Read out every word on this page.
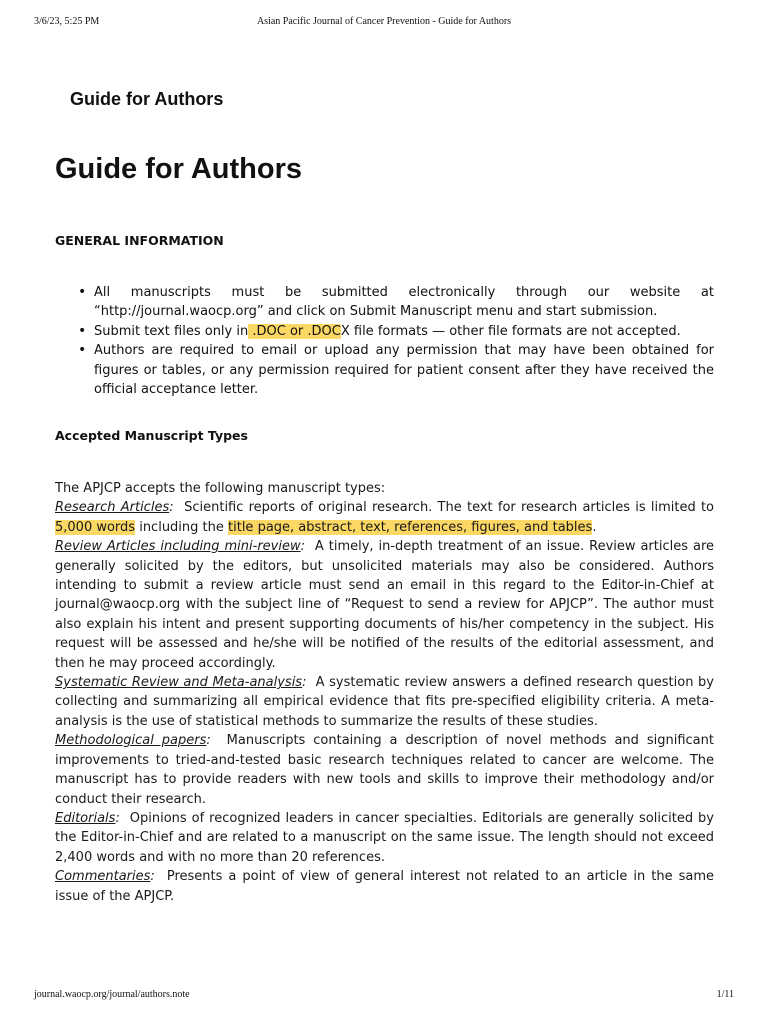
3/6/23, 5:25 PM	Asian Pacific Journal of Cancer Prevention - Guide for Authors
Guide for Authors
Guide for Authors
GENERAL INFORMATION
• All manuscripts must be submitted electronically through our website at “http://journal.waocp.org” and click on Submit Manuscript menu and start submission.
• Submit text files only in .DOC or .DOCX file formats — other file formats are not accepted.
• Authors are required to email or upload any permission that may have been obtained for figures or tables, or any permission required for patient consent after they have received the official acceptance letter.
Accepted Manuscript Types

The APJCP accepts the following manuscript types:

Research Articles: Scientific reports of original research. The text for research articles is limited to 5,000 words including the title page, abstract, text, references, figures, and tables.

Review Articles including mini-review: A timely, in-depth treatment of an issue. Review articles are generally solicited by the editors, but unsolicited materials may also be considered. Authors intending to submit a review article must send an email in this regard to the Editor-in-Chief at journal@waocp.org with the subject line of “Request to send a review for APJCP”. The author must also explain his intent and present supporting documents of his/her competency in the subject. His request will be assessed and he/she will be notified of the results of the editorial assessment, and then he may proceed accordingly.

Systematic Review and Meta-analysis: A systematic review answers a defined research question by collecting and summarizing all empirical evidence that fits pre-specified eligibility criteria. A meta-analysis is the use of statistical methods to summarize the results of these studies.

Methodological papers: Manuscripts containing a description of novel methods and significant improvements to tried-and-tested basic research techniques related to cancer are welcome. The manuscript has to provide readers with new tools and skills to improve their methodology and/or conduct their research.

Editorials: Opinions of recognized leaders in cancer specialties. Editorials are generally solicited by the Editor-in-Chief and are related to a manuscript on the same issue. The length should not exceed 2,400 words and with no more than 20 references.

Commentaries: Presents a point of view of general interest not related to an article in the same issue of the APJCP.

journal.waocp.org/journal/authors.note	1/11
